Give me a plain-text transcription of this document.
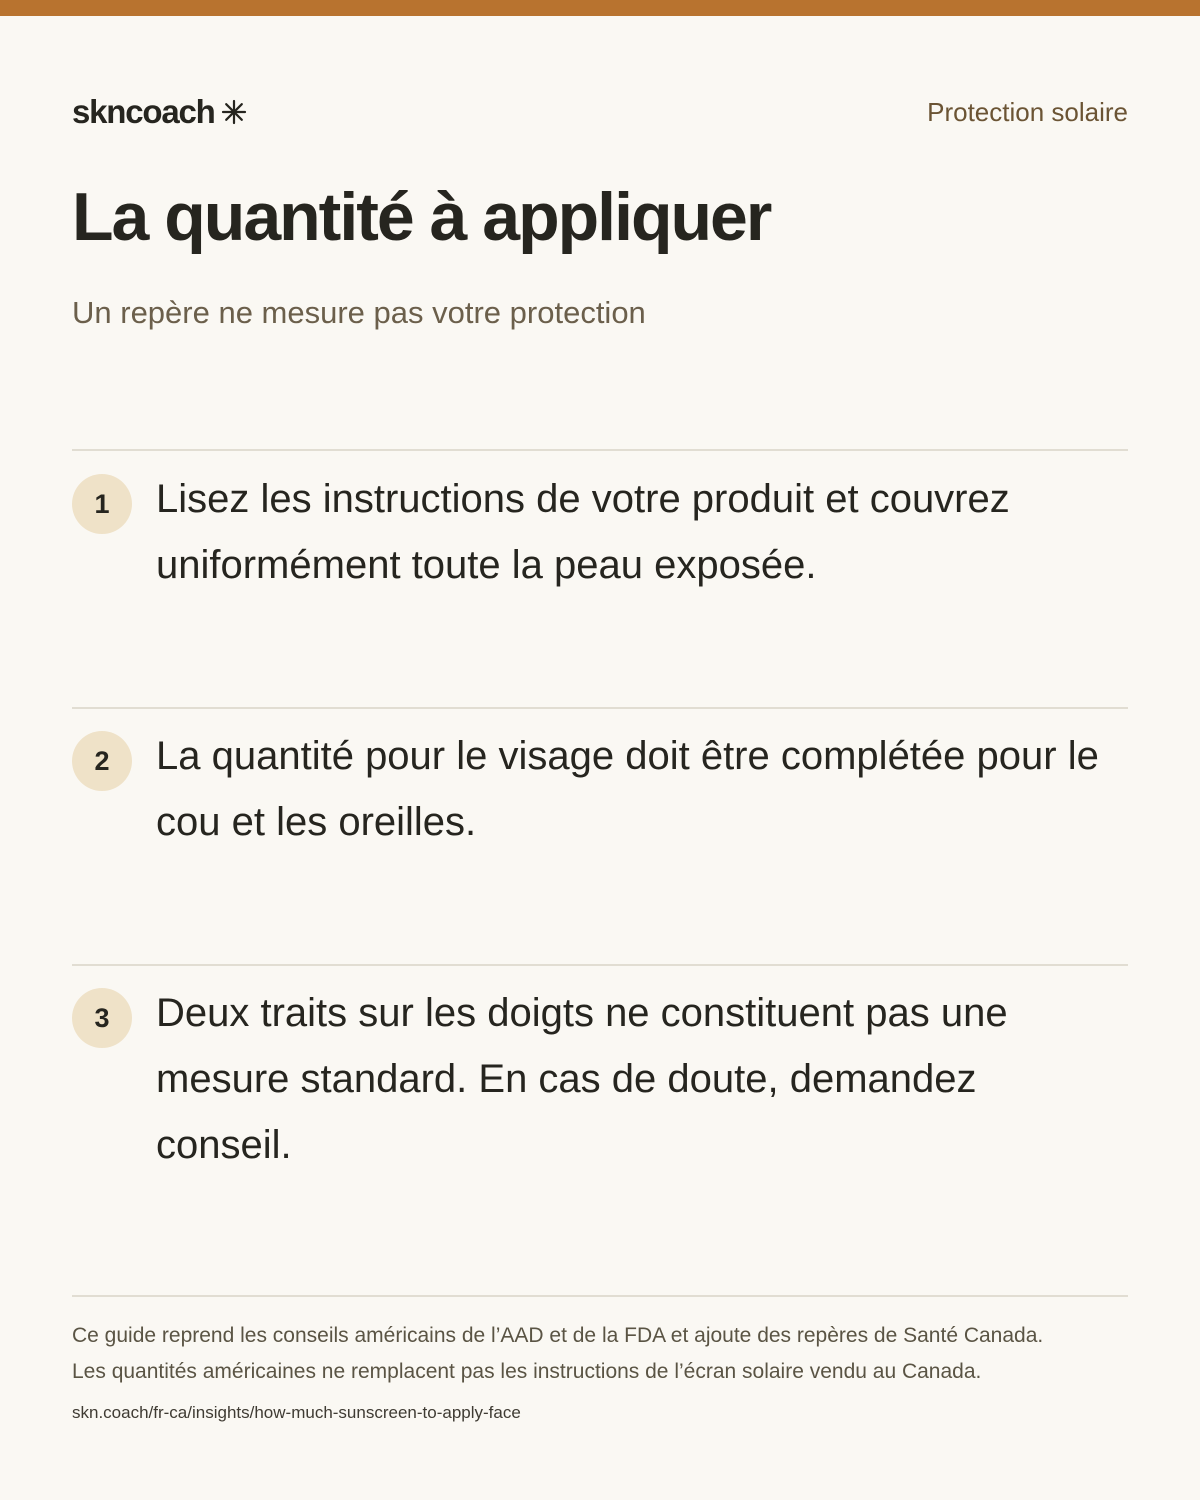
skncoach	Protection solaire
La quantité à appliquer
Un repère ne mesure pas votre protection
1	Lisez les instructions de votre produit et couvrez uniformément toute la peau exposée.
2	La quantité pour le visage doit être complétée pour le cou et les oreilles.
3	Deux traits sur les doigts ne constituent pas une mesure standard. En cas de doute, demandez conseil.
Ce guide reprend les conseils américains de l’AAD et de la FDA et ajoute des repères de Santé Canada.
Les quantités américaines ne remplacent pas les instructions de l’écran solaire vendu au Canada.
skn.coach/fr-ca/insights/how-much-sunscreen-to-apply-face
